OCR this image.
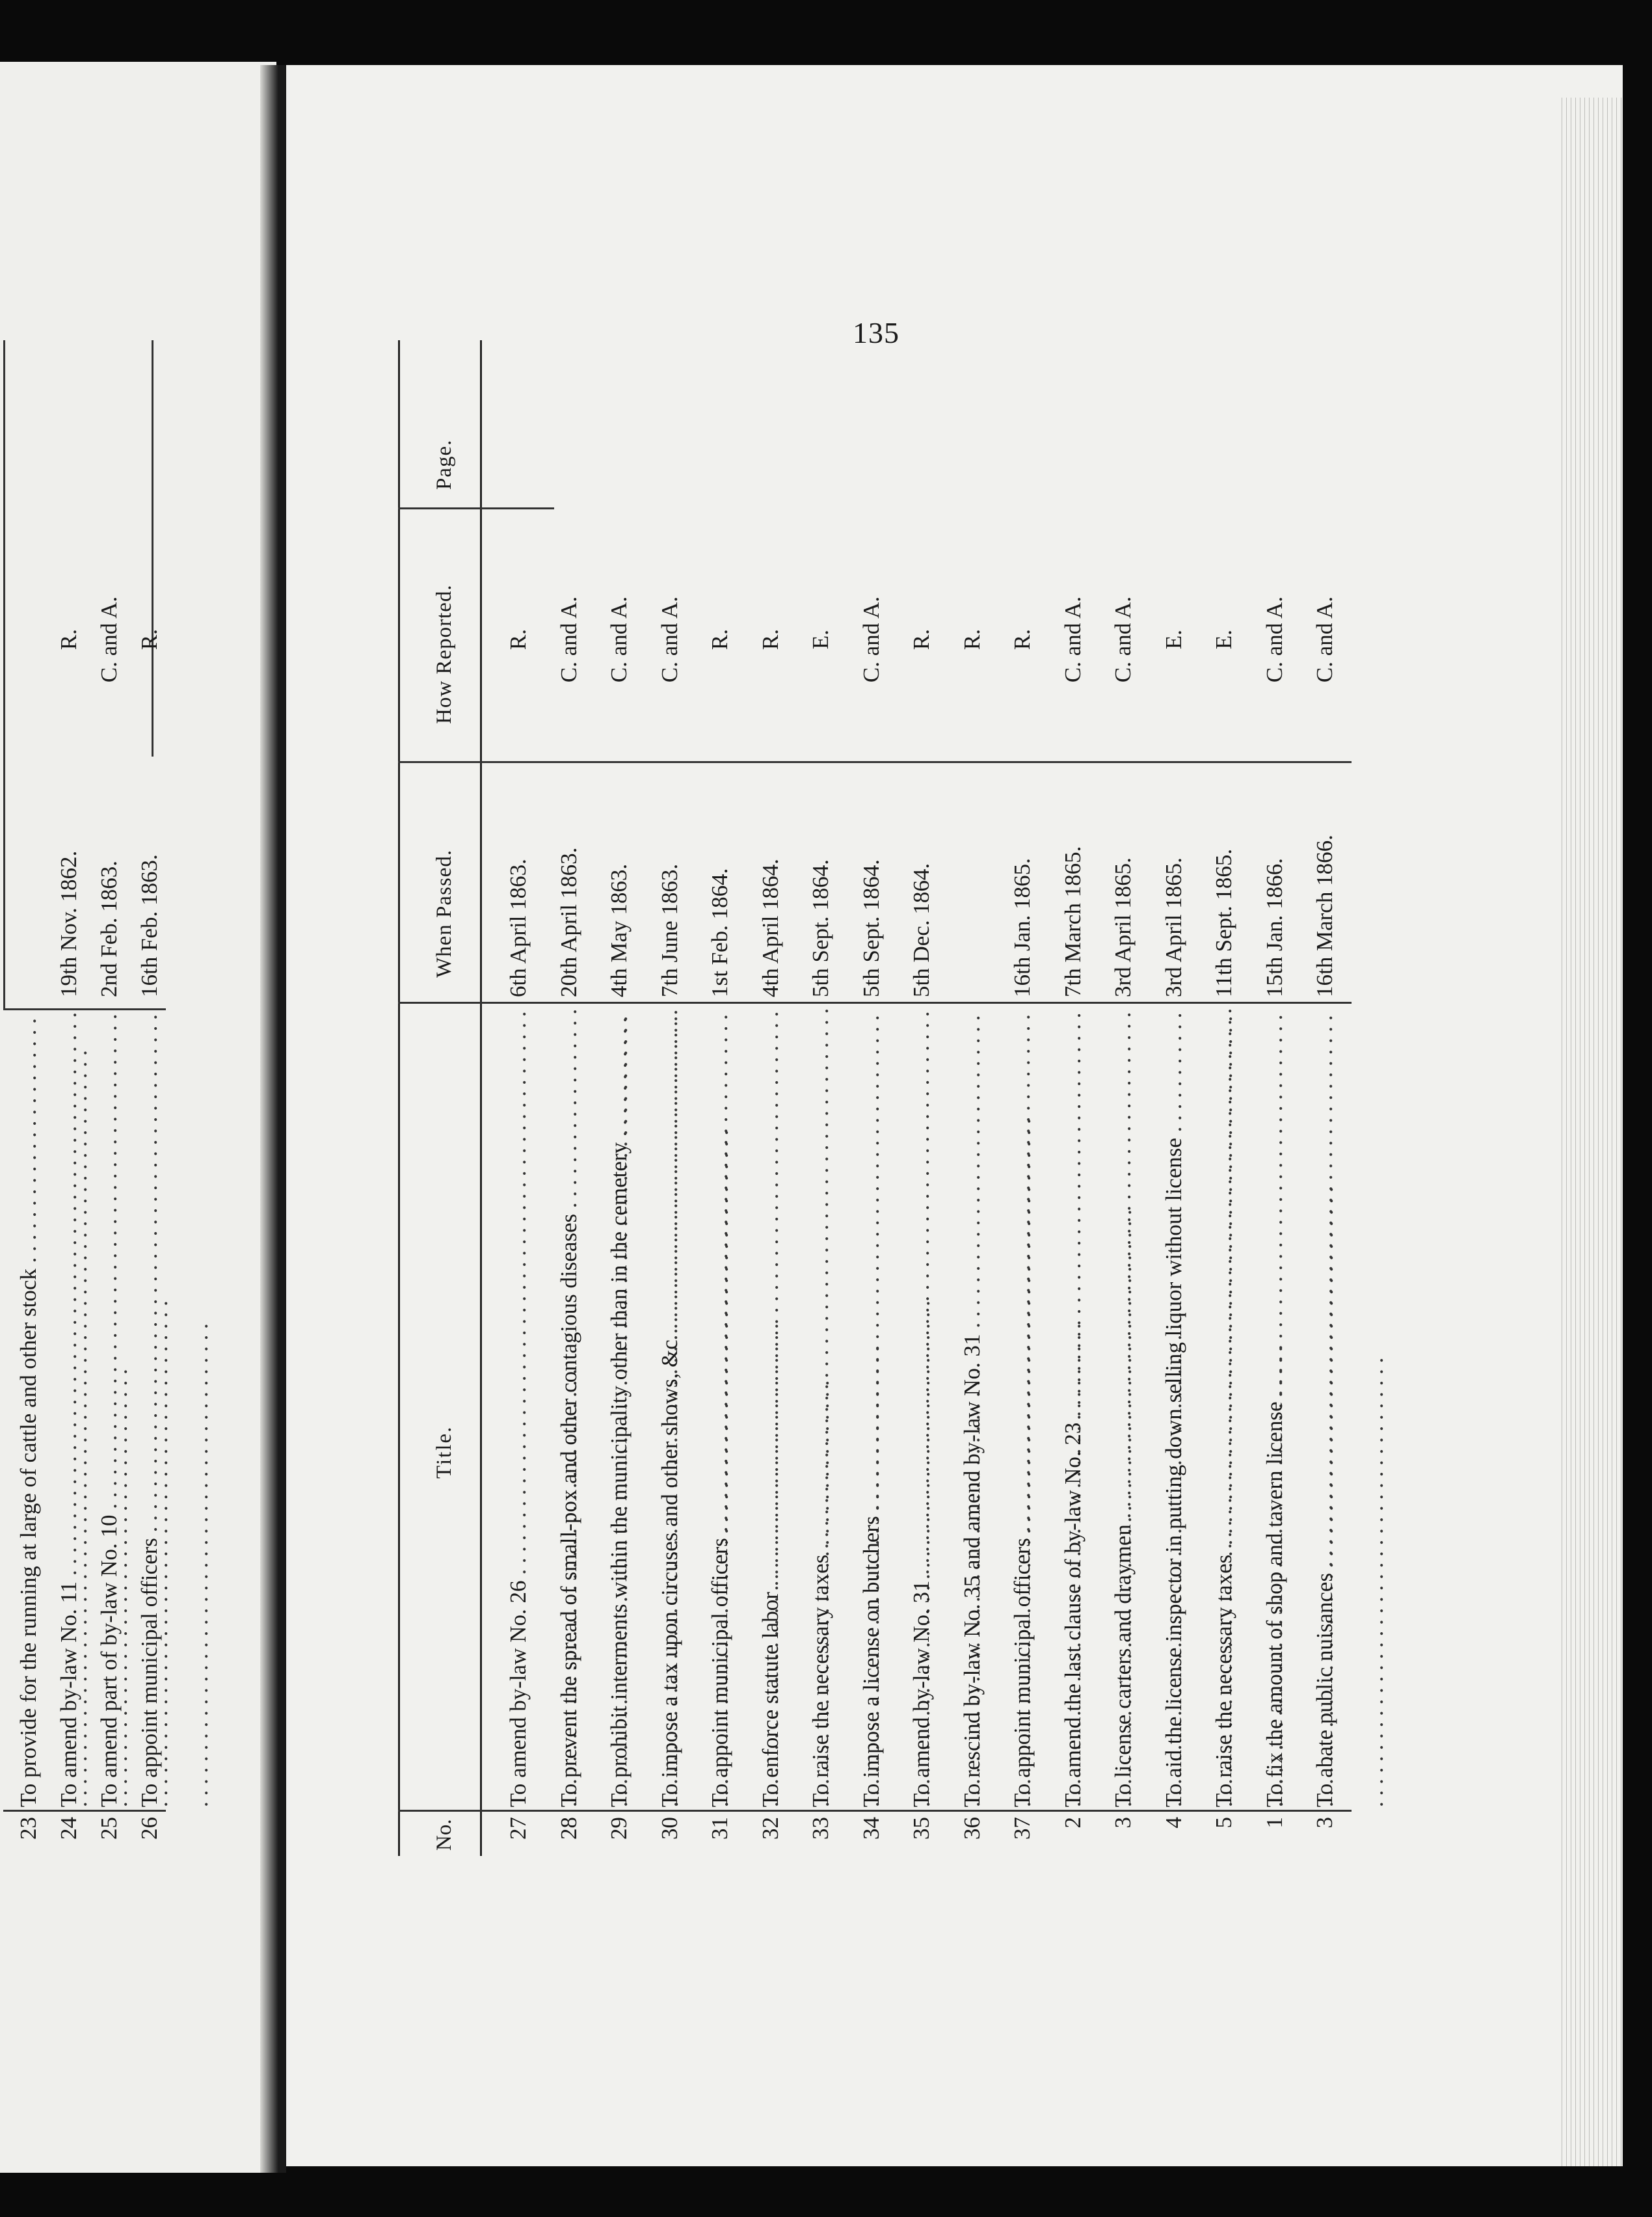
135
23
To provide for the running at large of cattle and other stock . . .
24
To amend by-law No. 11 . . .
19th Nov. 1862.
R.
25
To amend part of by-law No. 10 . . .
2nd Feb. 1863.
C. and A.
26
To appoint municipal officers . . .
16th Feb. 1863.
R.
No.
Title.
When Passed.
How Reported.
Page.
27
To amend by-law No. 26 . . .
6th April 1863.
R.
28
To prevent the spread of small-pox and other contagious diseases . . .
20th April 1863.
C. and A.
29
To prohibit interments within the municipality other than in the cemetery . . .
4th May 1863.
C. and A.
30
To impose a tax upon circuses and other shows, &c . . .
7th June 1863.
C. and A.
31
To appoint municipal officers . . .
1st Feb. 1864.
R.
32
To enforce statute labor . . .
4th April 1864.
R.
33
To raise the necessary taxes . . .
5th Sept. 1864.
E.
34
To impose a license on butchers . . .
5th Sept. 1864.
C. and A.
35
To amend by-law No. 31 . . .
5th Dec. 1864.
R.
36
To rescind by-law No. 35 and amend by-law No. 31 . . .
R.
37
To appoint municipal officers . . .
16th Jan. 1865.
R.
2
To amend the last clause of by-law No. 23 . . .
7th March 1865.
C. and A.
3
To license carters and draymen . . .
3rd April 1865.
C. and A.
4
To aid the license inspector in putting down selling liquor without license . . .
3rd April 1865.
E.
5
To raise the necessary taxes . . .
11th Sept. 1865.
E.
1
To fix the amount of shop and tavern license . . .
15th Jan. 1866.
C. and A.
3
To abate public nuisances . . .
16th March 1866.
C. and A.
